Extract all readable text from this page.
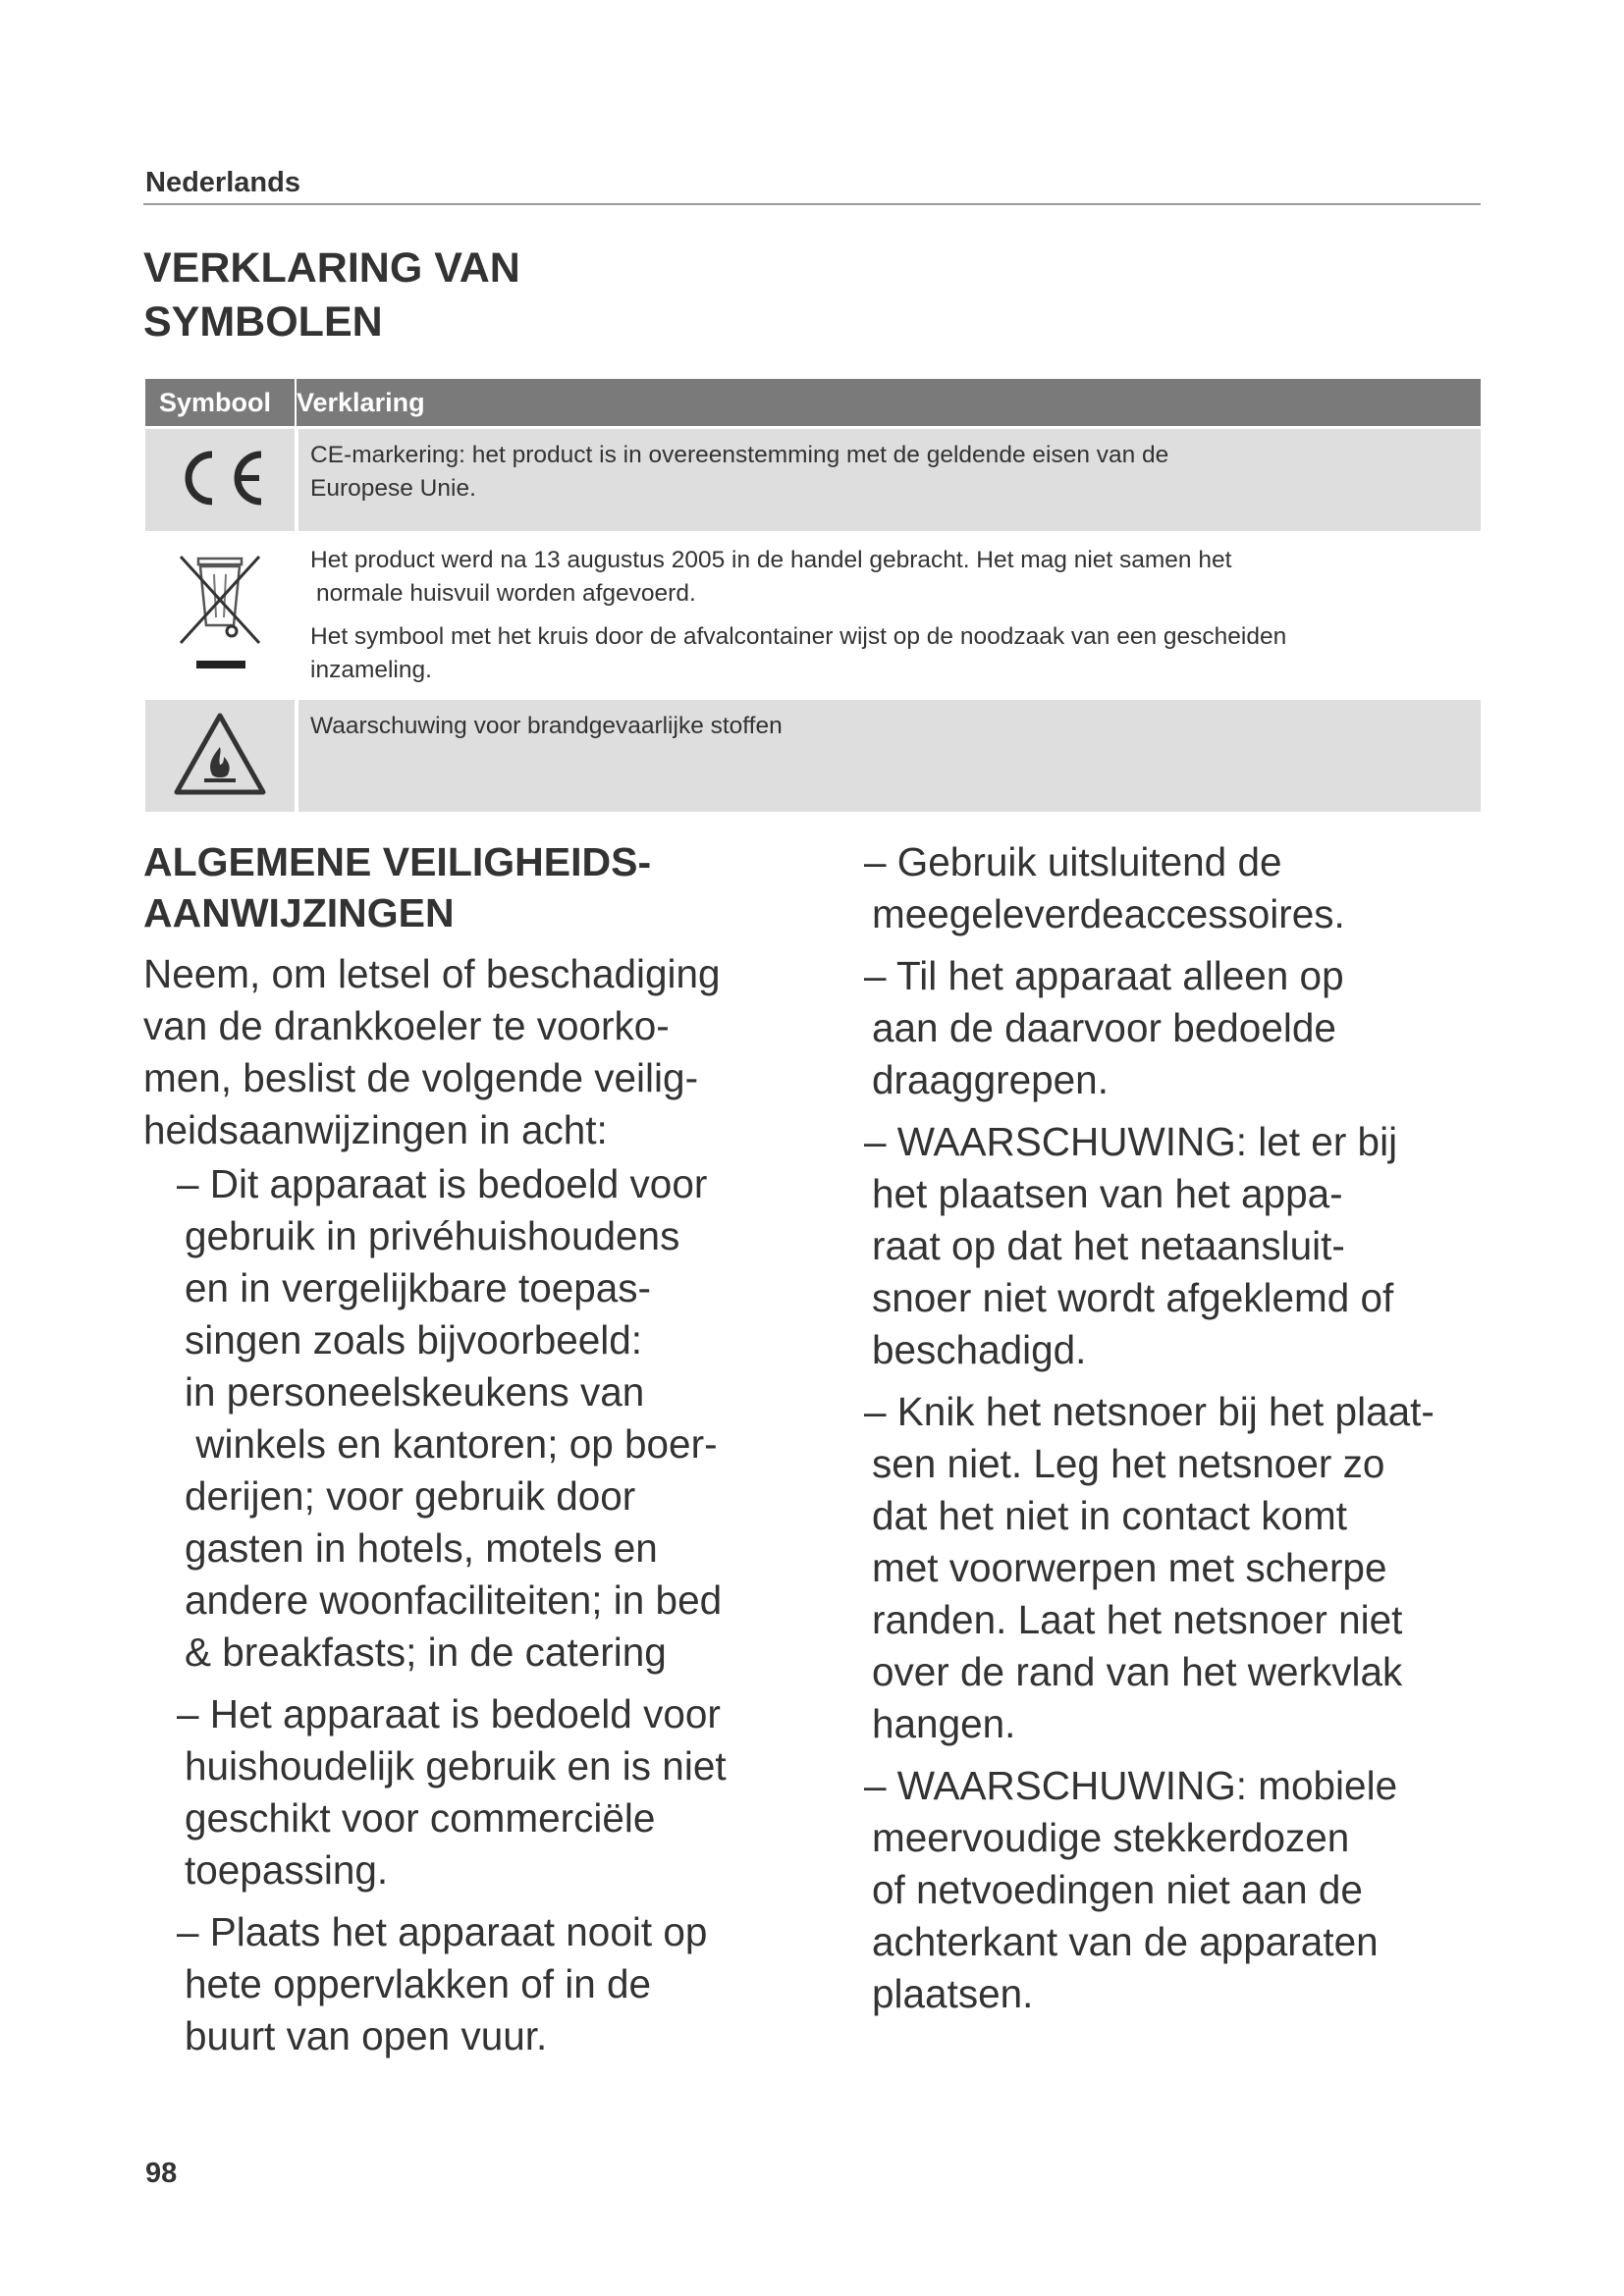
Nederlands
VERKLARING VAN
SYMBOLEN
Symbool Verklaring

CE-markering: het product is in overeenstemming met de geldende eisen van de
Europese Unie.

Het product werd na 13 augustus 2005 in de handel gebracht. Het mag niet samen het
normale huisvuil worden afgevoerd.

Het symbool met het kruis door de afvalcontainer wijst op de noodzaak van een gescheiden
inzameling.

Waarschuwing voor brandgevaarlijke stoffen

ALGEMENE VEILIGHEIDS-
AANWIJZINGEN
Neem, om letsel of beschadiging
van de drankkoeler te voorko-
men, beslist de volgende veilig-
heidsaanwijzingen in acht:
– Dit apparaat is bedoeld voor
gebruik in privéhuishoudens
en in vergelijkbare toepas-
singen zoals bijvoorbeeld:
in personeelskeukens van
winkels en kantoren; op boer-
derijen; voor gebruik door
gasten in hotels, motels en
andere woonfaciliteiten; in bed
& breakfasts; in de catering
– Het apparaat is bedoeld voor
huishoudelijk gebruik en is niet
geschikt voor commerciële
toepassing.
– Plaats het apparaat nooit op
hete oppervlakken of in de
buurt van open vuur.
– Gebruik uitsluitend de
meegeleverdeaccessoires.
– Til het apparaat alleen op
aan de daarvoor bedoelde
draaggrepen.
– WAARSCHUWING: let er bij
het plaatsen van het appa-
raat op dat het netaansluit-
snoer niet wordt afgeklemd of
beschadigd.
– Knik het netsnoer bij het plaat-
sen niet. Leg het netsnoer zo
dat het niet in contact komt
met voorwerpen met scherpe
randen. Laat het netsnoer niet
over de rand van het werkvlak
hangen.
– WAARSCHUWING: mobiele
meervoudige stekkerdozen
of netvoedingen niet aan de
achterkant van de apparaten
plaatsen.
98
